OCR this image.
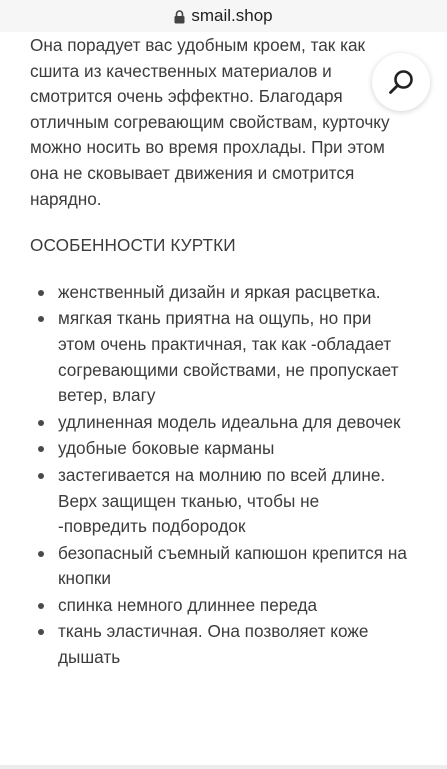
smail.shop

Она порадует вас удобным кроем, так как сшита из качественных материалов и смотрится очень эффектно. Благодаря отличным согревающим свойствам, курточку можно носить во время прохлады. При этом она не сковывает движения и смотрится нарядно.

ОСОБЕННОСТИ КУРТКИ
женственный дизайн и яркая расцветка.
мягкая ткань приятна на ощупь, но при этом очень практичная, так как -обладает согревающими свойствами, не пропускает ветер, влагу
удлиненная модель идеальна для девочек
удобные боковые карманы
застегивается на молнию по всей длине. Верх защищен тканью, чтобы не -повредить подбородок
безопасный съемный капюшон крепится на кнопки
спинка немного длиннее переда
ткань эластичная. Она позволяет коже дышать
